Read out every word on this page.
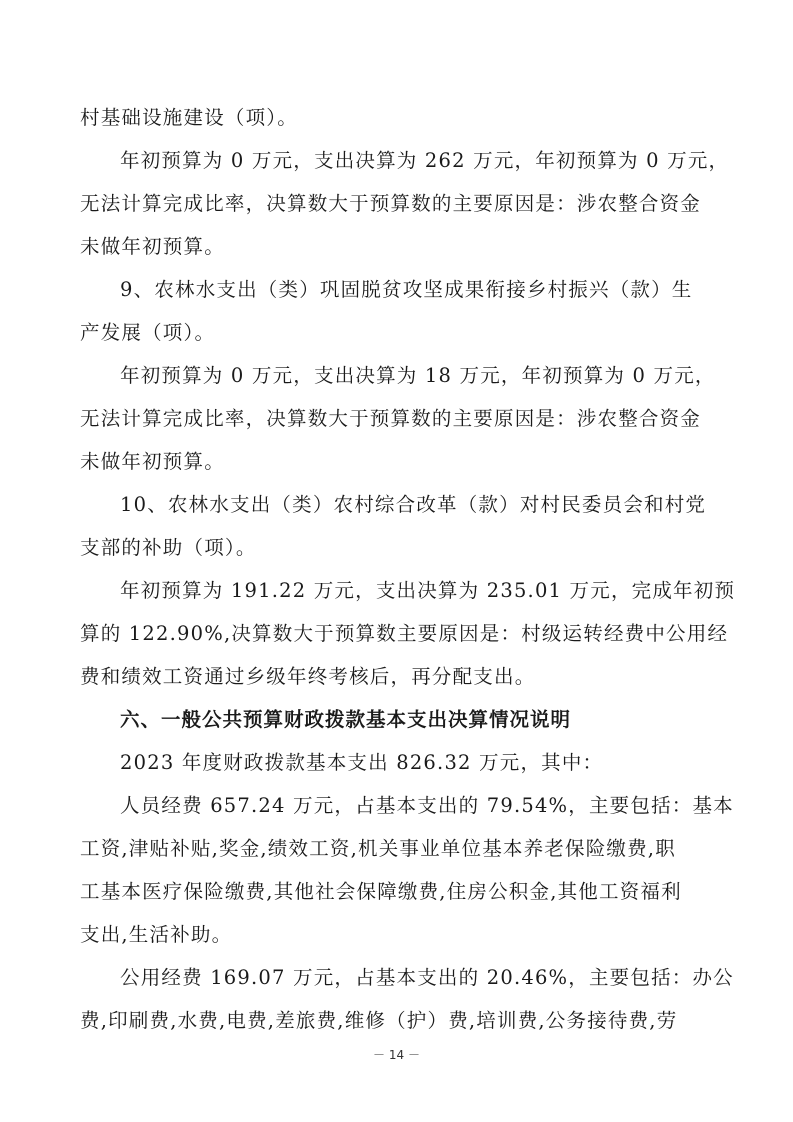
村基础设施建设（项）。
年初预算为 0 万元，支出决算为 262 万元，年初预算为 0 万元，
无法计算完成比率，决算数大于预算数的主要原因是：涉农整合资金
未做年初预算。
9、农林水支出（类）巩固脱贫攻坚成果衔接乡村振兴（款）生
产发展（项）。
年初预算为 0 万元，支出决算为 18 万元，年初预算为 0 万元，
无法计算完成比率，决算数大于预算数的主要原因是：涉农整合资金
未做年初预算。
10、农林水支出（类）农村综合改革（款）对村民委员会和村党
支部的补助（项）。
年初预算为 191.22 万元，支出决算为 235.01 万元，完成年初预
算的 122.90%,决算数大于预算数主要原因是：村级运转经费中公用经
费和绩效工资通过乡级年终考核后，再分配支出。
六、一般公共预算财政拨款基本支出决算情况说明
2023 年度财政拨款基本支出 826.32 万元，其中：
人员经费 657.24 万元，占基本支出的 79.54%，主要包括：基本
工资,津贴补贴,奖金,绩效工资,机关事业单位基本养老保险缴费,职
工基本医疗保险缴费,其他社会保障缴费,住房公积金,其他工资福利
支出,生活补助。
公用经费 169.07 万元，占基本支出的 20.46%，主要包括：办公
费,印刷费,水费,电费,差旅费,维修（护）费,培训费,公务接待费,劳
－ 14 －
